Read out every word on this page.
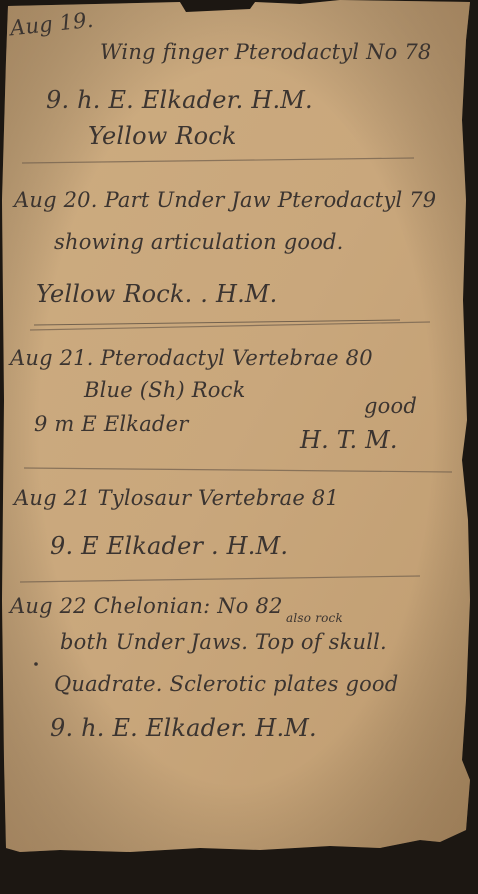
Aug 19.
Wing finger Pterodactyl No 78
9. h. E. Elkader. H.M.
Yellow Rock
Aug 20. Part Under Jaw Pterodactyl 79
showing articulation good.
Yellow Rock. . H.M.
Aug 21. Pterodactyl Vertebrae 80
Blue (Sh) Rock
9 m E Elkader
good
H. T. M.
Aug 21 Tylosaur Vertebrae 81
9. E Elkader . H.M.
Aug 22 Chelonian: No 82 also rock
both Under Jaws. Top of skull.
Quadrate. Sclerotic plates good
9. h. E. Elkader. H.M.
